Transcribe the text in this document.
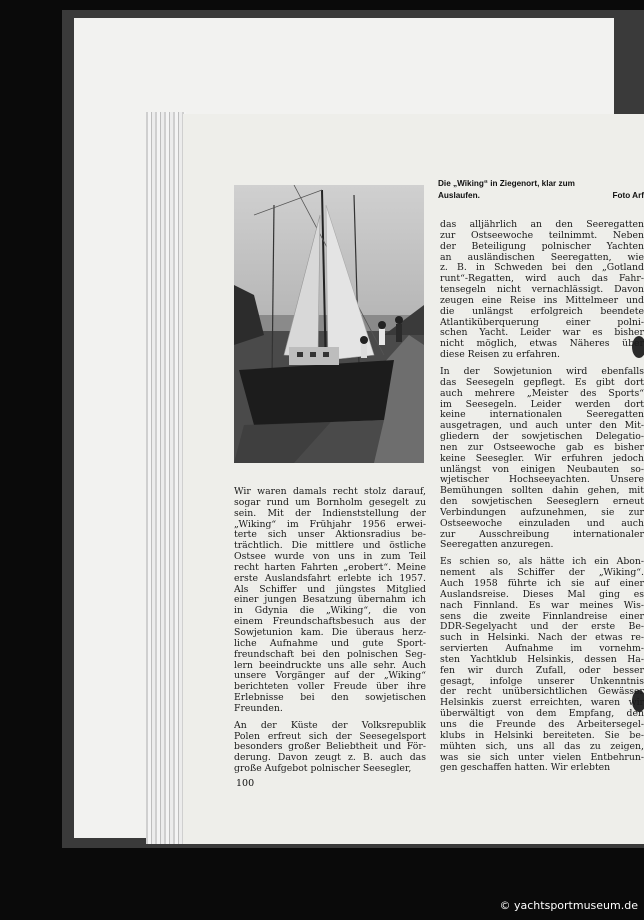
Die „Wiking“ in Ziegenort, klar zum
Auslaufen.	Foto Arf

Wir waren damals recht stolz darauf,
sogar rund um Bornholm gesegelt zu
sein. Mit der Indienststellung der
„Wiking“ im Frühjahr 1956 erwei-
terte sich unser Aktionsradius be-
trächtlich. Die mittlere und östliche
Ostsee wurde von uns in zum Teil
recht harten Fahrten „erobert“. Meine
erste Auslandsfahrt erlebte ich 1957.
Als Schiffer und jüngstes Mitglied
einer jungen Besatzung übernahm ich
in Gdynia die „Wiking“, die von
einem Freundschaftsbesuch aus der
Sowjetunion kam. Die überaus herz-
liche Aufnahme und gute Sport-
freundschaft bei den polnischen Seg-
lern beeindruckte uns alle sehr. Auch
unsere Vorgänger auf der „Wiking“
berichteten voller Freude über ihre
Erlebnisse bei den sowjetischen
Freunden.

An der Küste der Volksrepublik
Polen erfreut sich der Seesegelsport
besonders großer Beliebtheit und För-
derung. Davon zeugt z. B. auch das
große Aufgebot polnischer Seesegler,

das alljährlich an den Seeregatten
zur Ostseewoche teilnimmt. Neben
der Beteiligung polnischer Yachten
an ausländischen Seeregatten, wie
z. B. in Schweden bei den „Gotland
runt“-Regatten, wird auch das Fahr-
tensegeln nicht vernachlässigt. Davon
zeugen eine Reise ins Mittelmeer und
die unlängst erfolgreich beendete
Atlantiküberquerung einer polni-
schen Yacht. Leider war es bisher
nicht möglich, etwas Näheres über
diese Reisen zu erfahren.

In der Sowjetunion wird ebenfalls
das Seesegeln gepflegt. Es gibt dort
auch mehrere „Meister des Sports“
im Seesegeln. Leider werden dort
keine internationalen Seeregatten
ausgetragen, und auch unter den Mit-
gliedern der sowjetischen Delegatio-
nen zur Ostseewoche gab es bisher
keine Seesegler. Wir erfuhren jedoch
unlängst von einigen Neubauten so-
wjetischer Hochseeyachten. Unsere
Bemühungen sollten dahin gehen, mit
den sowjetischen Seeseglern erneut
Verbindungen aufzunehmen, sie zur
Ostseewoche einzuladen und auch
zur Ausschreibung internationaler
Seeregatten anzuregen.

Es schien so, als hätte ich ein Abon-
nement als Schiffer der „Wiking“.
Auch 1958 führte ich sie auf einer
Auslandsreise. Dieses Mal ging es
nach Finnland. Es war meines Wis-
sens die zweite Finnlandreise einer
DDR-Segelyacht und der erste Be-
such in Helsinki. Nach der etwas re-
servierten Aufnahme im vornehm-
sten Yachtklub Helsinkis, dessen Ha-
fen wir durch Zufall, oder besser
gesagt, infolge unserer Unkenntnis
der recht unübersichtlichen Gewässer
Helsinkis zuerst erreichten, waren wir
überwältigt von dem Empfang, den
uns die Freunde des Arbeitersegel-
klubs in Helsinki bereiteten. Sie be-
mühten sich, uns all das zu zeigen,
was sie sich unter vielen Entbehrun-
gen geschaffen hatten. Wir erlebten

100
© yachtsportmuseum.de
